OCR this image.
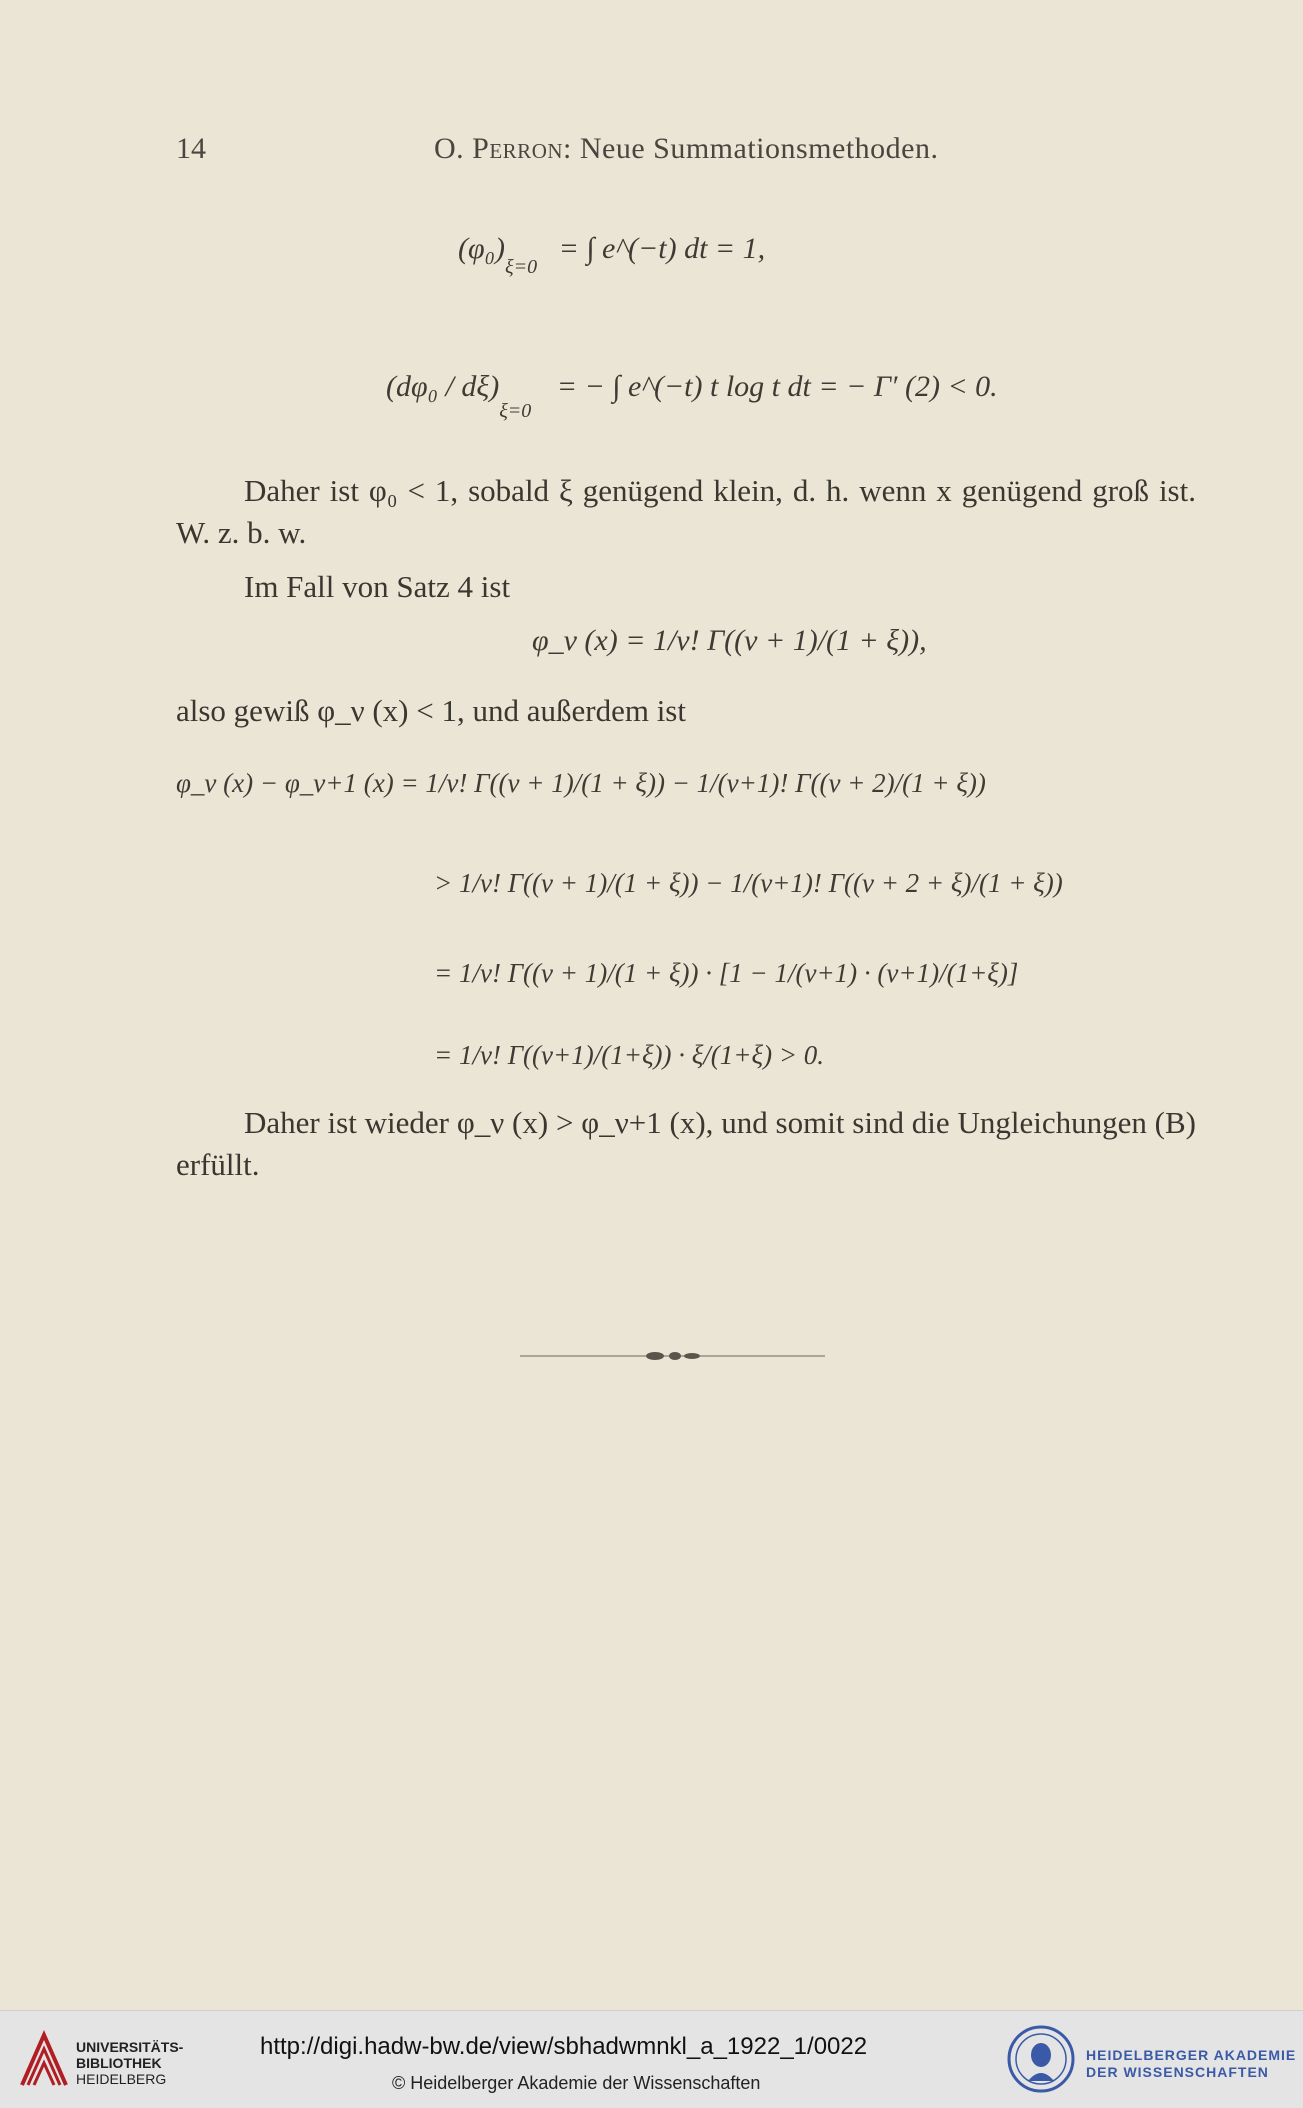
14	O. Perron: Neue Summationsmethoden.
$(\varphi_0)_{\xi=0}$ = ∫ e^(−t) dt = 1,
$(d\varphi_0 / d\xi)_{\xi=0}$ = − ∫ e^(−t) t log t dt = − Γ′ (2) < 0.
Daher ist φ₀ < 1, sobald ξ genügend klein, d. h. wenn x genügend groß ist. W. z. b. w.
Im Fall von Satz 4 ist
φ_ν (x) = 1/ν! Γ((ν + 1)/(1 + ξ)),
also gewiß φ_ν (x) < 1, und außerdem ist
φ_ν (x) − φ_ν+1 (x) = 1/ν! Γ((ν + 1)/(1 + ξ)) − 1/(ν+1)! Γ((ν + 2)/(1 + ξ))
> 1/ν! Γ((ν + 1)/(1 + ξ)) − 1/(ν+1)! Γ((ν + 2 + ξ)/(1 + ξ))
= 1/ν! Γ((ν + 1)/(1 + ξ)) · [1 − 1/(ν+1) · (ν+1)/(1+ξ)]
= 1/ν! Γ((ν+1)/(1+ξ)) · ξ/(1+ξ) > 0.
Daher ist wieder φ_ν (x) > φ_ν+1 (x), und somit sind die Ungleichungen (B) erfüllt.
UNIVERSITÄTS-
BIBLIOTHEK
HEIDELBERG
http://digi.hadw-bw.de/view/sbhadwmnkl_a_1922_1/0022
© Heidelberger Akademie der Wissenschaften
HEIDELBERGER AKADEMIE
DER WISSENSCHAFTEN
